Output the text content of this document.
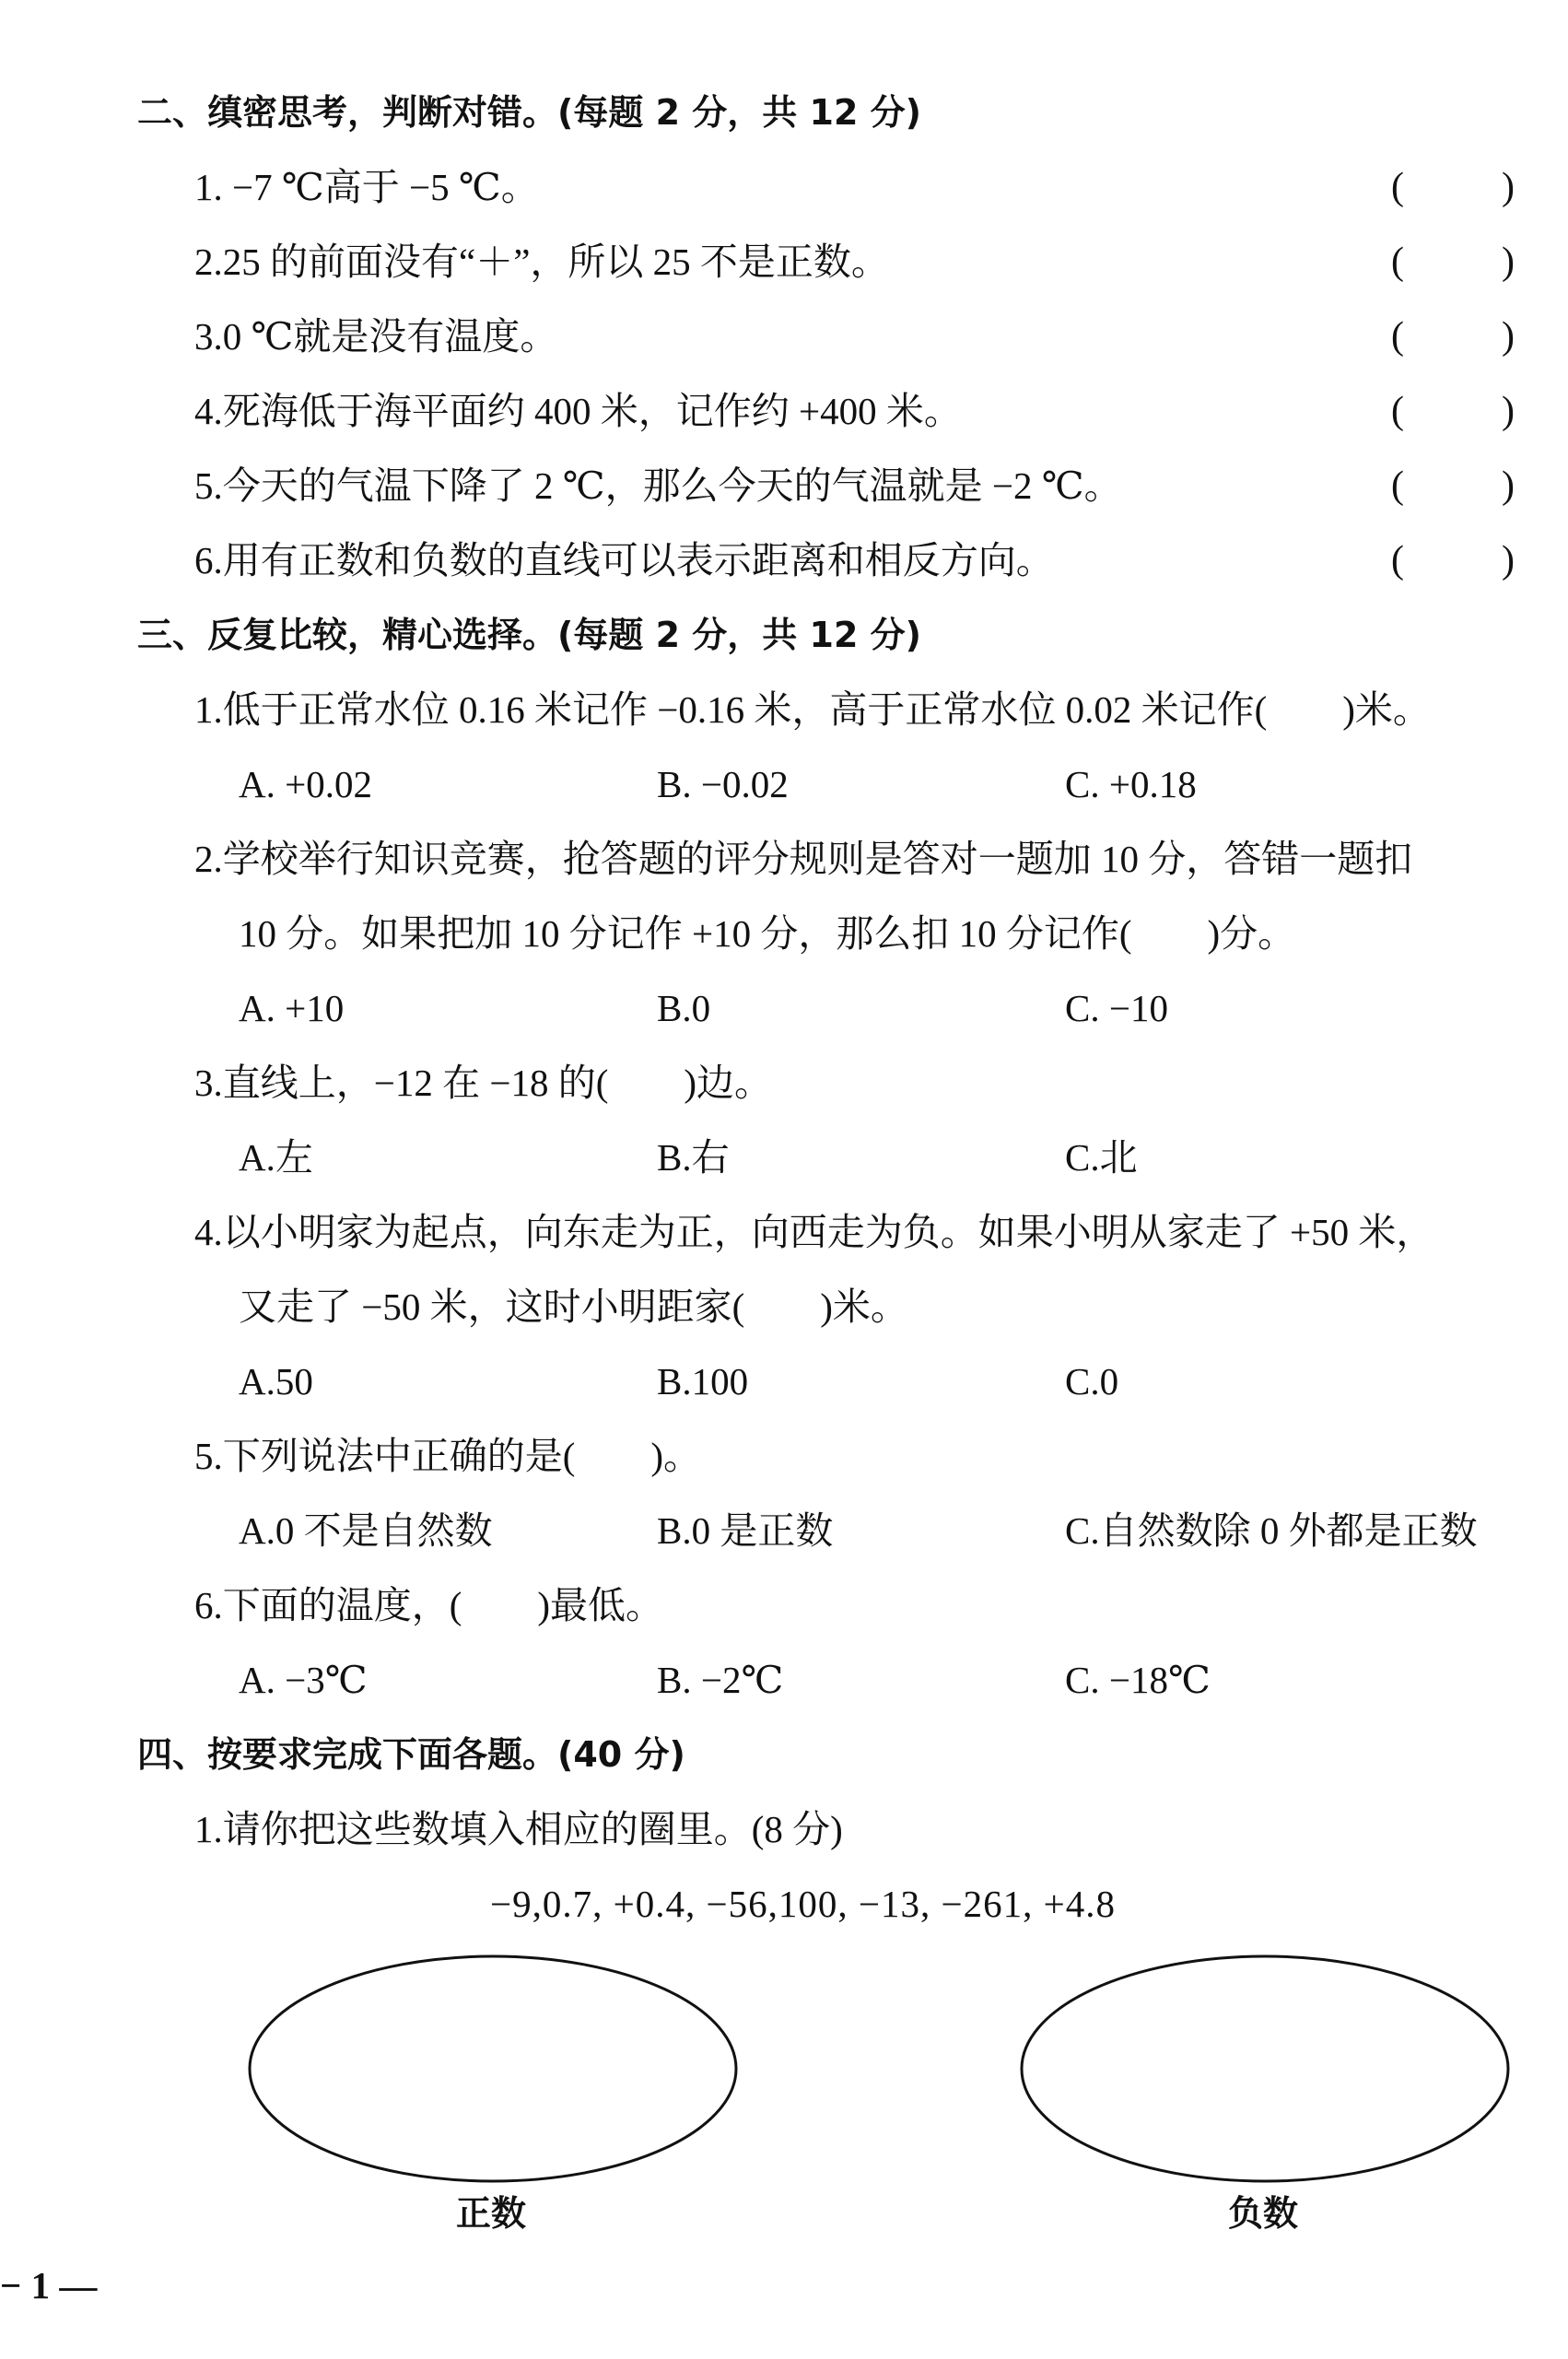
二、缜密思考，判断对错。(每题 2 分，共 12 分)
1. −7 ℃高于 −5 ℃。	(	)
2.25 的前面没有“＋”，所以 25 不是正数。	(	)
3.0 ℃就是没有温度。	(	)
4.死海低于海平面约 400 米，记作约 +400 米。	(	)
5.今天的气温下降了 2 ℃，那么今天的气温就是 −2 ℃。	(	)
6.用有正数和负数的直线可以表示距离和相反方向。	(	)
三、反复比较，精心选择。(每题 2 分，共 12 分)
1.低于正常水位 0.16 米记作 −0.16 米，高于正常水位 0.02 米记作(　　)米。
A. +0.02	B. −0.02	C. +0.18
2.学校举行知识竞赛，抢答题的评分规则是答对一题加 10 分，答错一题扣
10 分。如果把加 10 分记作 +10 分，那么扣 10 分记作(　　)分。
A. +10	B.0	C. −10
3.直线上，−12 在 −18 的(　　)边。
A.左	B.右	C.北
4.以小明家为起点，向东走为正，向西走为负。如果小明从家走了 +50 米，
又走了 −50 米，这时小明距家(　　)米。
A.50	B.100	C.0
5.下列说法中正确的是(　　)。
A.0 不是自然数	B.0 是正数	C.自然数除 0 外都是正数
6.下面的温度，(　　)最低。
A. −3℃	B. −2℃	C. −18℃
四、按要求完成下面各题。(40 分)
1.请你把这些数填入相应的圈里。(8 分)
−9,0.7, +0.4, −56,100, −13, −261, +4.8
正数	负数
− 1 —
